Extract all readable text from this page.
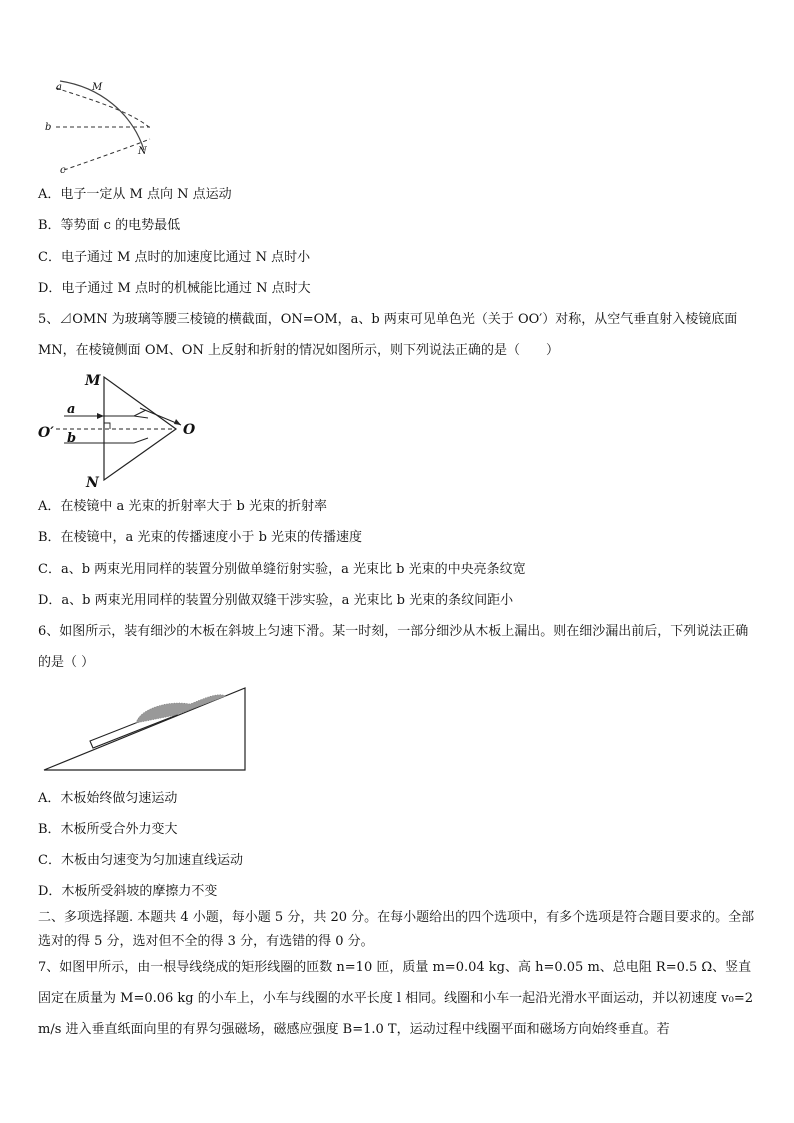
a
b
c
M
N
A．电子一定从 M 点向 N 点运动
B．等势面 c 的电势最低
C．电子通过 M 点时的加速度比通过 N 点时小
D．电子通过 M 点时的机械能比通过 N 点时大
5、⊿OMN 为玻璃等腰三棱镜的横截面，ON=OM，a、b 两束可见单色光（关于 OO′）对称，从空气垂直射入棱镜底面 MN，在棱镜侧面 OM、ON 上反射和折射的情况如图所示，则下列说法正确的是（　　）
M
N
O
O′
a
b
A．在棱镜中 a 光束的折射率大于 b 光束的折射率
B．在棱镜中，a 光束的传播速度小于 b 光束的传播速度
C．a、b 两束光用同样的装置分别做单缝衍射实验，a 光束比 b 光束的中央亮条纹宽
D．a、b 两束光用同样的装置分别做双缝干涉实验，a 光束比 b 光束的条纹间距小
6、如图所示，装有细沙的木板在斜坡上匀速下滑。某一时刻，一部分细沙从木板上漏出。则在细沙漏出前后，下列说法正确的是（ ）
A．木板始终做匀速运动
B．木板所受合外力变大
C．木板由匀速变为匀加速直线运动
D．木板所受斜坡的摩擦力不变
二、多项选择题. 本题共 4 小题，每小题 5 分，共 20 分。在每小题给出的四个选项中，有多个选项是符合题目要求的。全部选对的得 5 分，选对但不全的得 3 分，有选错的得 0 分。
7、如图甲所示，由一根导线绕成的矩形线圈的匝数 n=10 匝，质量 m=0.04 kg、高 h=0.05 m、总电阻 R=0.5 Ω、竖直固定在质量为 M=0.06 kg 的小车上，小车与线圈的水平长度 l 相同。线圈和小车一起沿光滑水平面运动，并以初速度 v₀=2 m/s 进入垂直纸面向里的有界匀强磁场，磁感应强度 B=1.0 T，运动过程中线圈平面和磁场方向始终垂直。若
